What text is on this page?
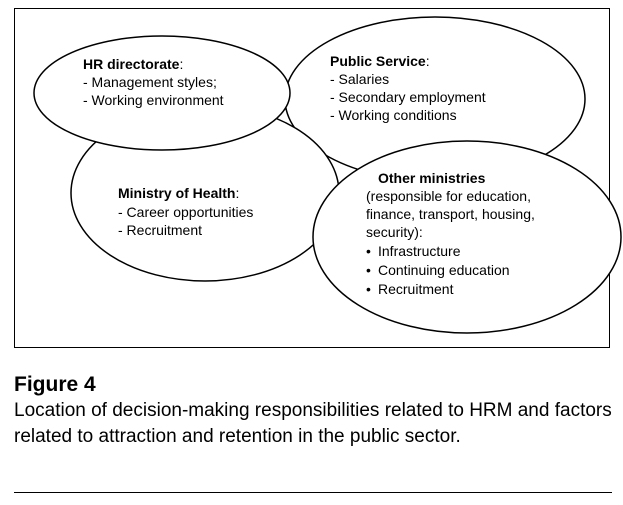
HR directorate:
- Management styles;
- Working environment
Public Service:
- Salaries
- Secondary employment
- Working conditions
Ministry of Health:
- Career opportunities
- Recruitment
Other ministries
(responsible for education,
finance, transport, housing,
security):
• Infrastructure
• Continuing education
• Recruitment
Figure 4
Location of decision-making responsibilities related to HRM and factors related to attraction and retention in the public sector.
